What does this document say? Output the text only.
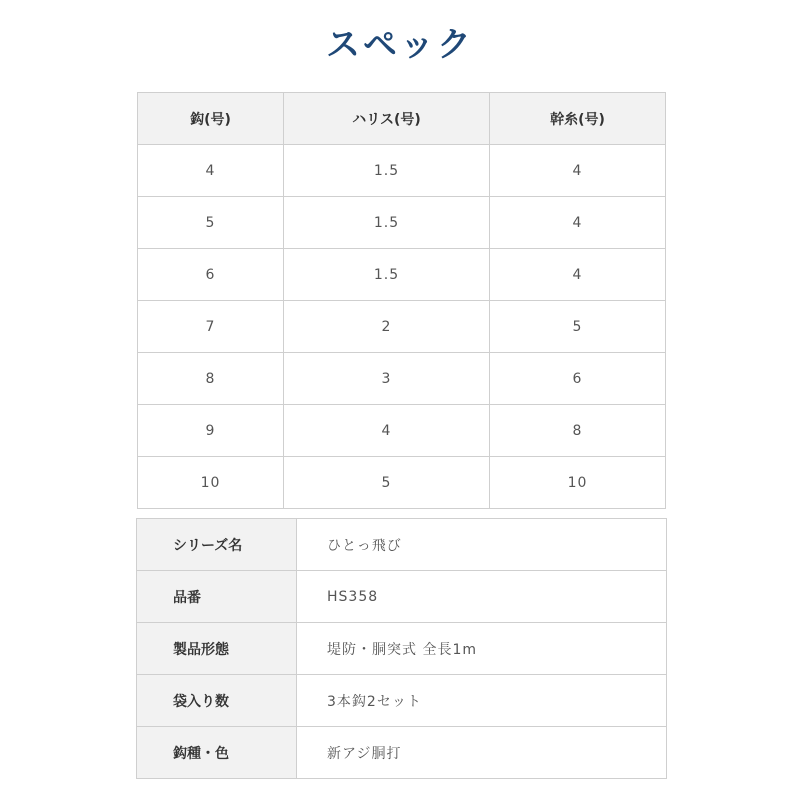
スペック
鈎(号)	ハリス(号)	幹糸(号)
4	1.5	4
5	1.5	4
6	1.5	4
7	2	5
8	3	6
9	4	8
10	5	10
シリーズ名	ひとっ飛び
品番	HS358
製品形態	堤防・胴突式 全長1m
袋入り数	3本鈎2セット
鈎種・色	新アジ胴打
